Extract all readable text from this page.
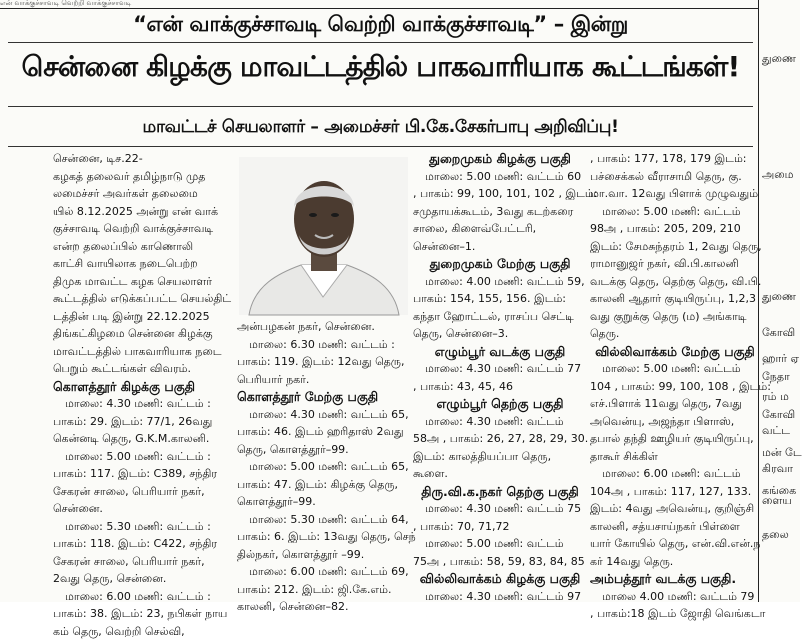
என் வாக்குச்சாவடி வெற்றி வாக்குச்சாவடி
“என் வாக்குச்சாவடி வெற்றி வாக்குச்சாவடி” – இன்று
சென்னை கிழக்கு மாவட்டத்தில் பாகவாரியாக கூட்டங்கள்!
மாவட்டச் செயலாளர் – அமைச்சர் பி.கே.சேகர்பாபு அறிவிப்பு!
சென்னை, டிச.22-
கழகத் தலைவர் தமிழ்நாடு முத
லமைச்சர் அவர்கள் தலைமை
யில் 8.12.2025 அன்று என் வாக்
குச்சாவடி வெற்றி வாக்குச்சாவடி
என்ற தலைப்பில் காணொலி
காட்சி வாயிலாக நடைபெற்ற
திமுக மாவட்ட கழக செயலாளர்
கூட்டத்தில் எடுக்கப்பட்ட செயல்திட்
டத்தின் படி இன்று 22.12.2025
திங்கட்கிழமை சென்னை கிழக்கு
மாவட்டத்தில் பாகவாரியாக நடை
பெறும் கூட்டங்கள் விவரம்.
கொளத்தூர் கிழக்கு பகுதி
மாலை: 4.30 மணி: வட்டம் :
பாகம்: 29. இடம்: 77/1, 26வது
கென்னடி தெரு, G.K.M.காலனி.
மாலை: 5.00 மணி: வட்டம் :
பாகம்: 117. இடம்: C389, சந்திர
சேகரன் சாலை, பெரியார் நகர்,
சென்னை.
மாலை: 5.30 மணி: வட்டம் :
பாகம்: 118. இடம்: C422, சந்திர
சேகரன் சாலை, பெரியார் நகர்,
2வது தெரு, சென்னை.
மாலை: 6.00 மணி: வட்டம் :
பாகம்: 38. இடம்: 23, நபிகள் நாய
கம் தெரு, வெற்றி செல்வி,
அன்பழகன் நகர், சென்னை.
மாலை: 6.30 மணி: வட்டம் :
பாகம்: 119. இடம்: 12வது தெரு,
பெரியார் நகர்.
கொளத்தூர் மேற்கு பகுதி
மாலை: 4.30 மணி: வட்டம் 65,
பாகம்: 46. இடம் ஹரிதாஸ் 2வது
தெரு, கொளத்தூர்–99.
மாலை: 5.00 மணி: வட்டம் 65,
பாகம்: 47. இடம்: கிழக்கு தெரு,
கொளத்தூர்–99.
மாலை: 5.30 மணி: வட்டம் 64,
பாகம்: 6. இடம்: 13வது தெரு, செந்
தில்நகர், கொளத்தூர் –99.
மாலை: 6.00 மணி: வட்டம் 69,
பாகம்: 212. இடம்: ஜி.கே.எம்.
காலனி, சென்னை–82.
துறைமுகம் கிழக்கு பகுதி
மாலை: 5.00 மணி: வட்டம் 60
, பாகம்: 99, 100, 101, 102 , இடம்:
சமுதாயக்கூடம், 3வது கடற்கரை
சாலை, கிளைவ்பேட்டரி,
சென்னை–1.
துறைமுகம் மேற்கு பகுதி
மாலை: 4.00 மணி: வட்டம் 59,
பாகம்: 154, 155, 156. இடம்:
கந்தா ஹோட்டல், ராசப்ப செட்டி
தெரு, சென்னை–3.
எழும்பூர் வடக்கு பகுதி
மாலை: 4.30 மணி: வட்டம் 77
, பாகம்: 43, 45, 46
எழும்பூர் தெற்கு பகுதி
மாலை: 4.30 மணி: வட்டம்
58அ , பாகம்: 26, 27, 28, 29, 30.
இடம்: காலத்தியப்பா தெரு,
கூளை.
திரு.வி.க.நகர் தெற்கு பகுதி
மாலை: 4.30 மணி: வட்டம் 75
, பாகம்: 70, 71,72
மாலை: 5.00 மணி: வட்டம்
75அ , பாகம்: 58, 59, 83, 84, 85
வில்லிவாக்கம் கிழக்கு பகுதி
மாலை: 4.30 மணி: வட்டம் 97
, பாகம்: 177, 178, 179 இடம்:
பச்சைக்கல் வீராசாமி தெரு, கு.
மா.வா. 12வது பிளாக் முழுவதும்
மாலை: 5.00 மணி: வட்டம்
98அ , பாகம்: 205, 209, 210
இடம்: சேமசுந்தரம் 1, 2வது தெரு,
ராமானுஜர் நகர், வி.பி.காலனி
வடக்கு தெரு, தெற்கு தெரு, வி.பி.
காலனி ஆதார் குடியிருப்பு, 1,2,3
வது குறுக்கு தெரு (ம) அங்காடி
தெரு.
வில்லிவாக்கம் மேற்கு பகுதி
மாலை: 5.00 மணி: வட்டம்
104 , பாகம்: 99, 100, 108 , இடம்:
எச்.பிளாக் 11வது தெரு, 7வது
அவென்யு, அஜந்தா பிளாஸ்,
தபால் தந்தி ஊழியர் குடியிருப்பு,
தாகூர் சிக்கிள்
மாலை: 6.00 மணி: வட்டம்
104அ , பாகம்: 117, 127, 133.
இடம்: 4வது அவென்யு, குறிஞ்சி
காலனி, சத்யசாய்நகர் பிள்ளை
யார் கோயில் தெரு, என்.வி.என்.ந
கர் 14வது தெரு.
அம்பத்தூர் வடக்கு பகுதி.
மாலை 4.00 மணி: வட்டம் 79
, பாகம்:18 இடம் ஜோதி வெங்கடா
துணை
அமை
துணை
கோவி
ஹார் ஏ
நேதா
ரம் ம
கோவி
வட்ட
மன் டே
கிரவா
கங்கை
ளைய
தலை
